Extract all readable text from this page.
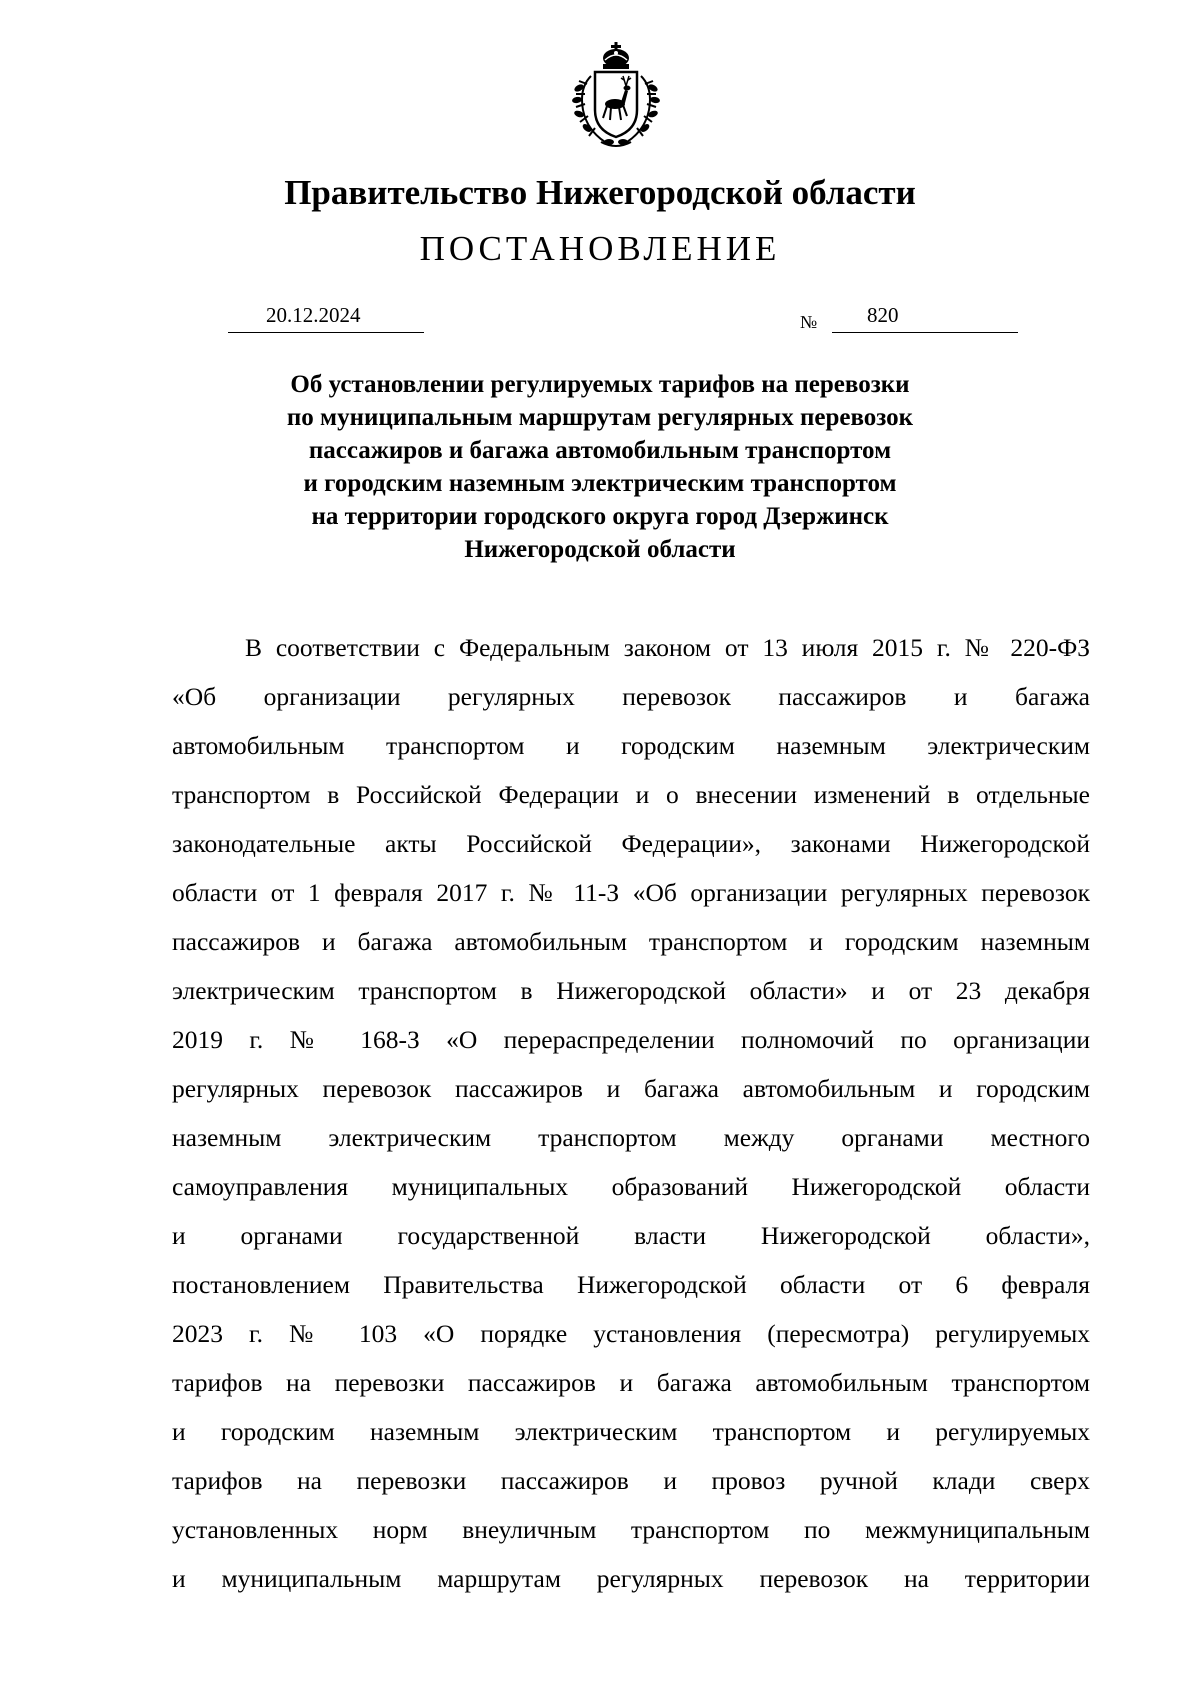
Правительство Нижегородской области
ПОСТАНОВЛЕНИЕ
20.12.2024	№ 820
Об установлении регулируемых тарифов на перевозки
по муниципальным маршрутам регулярных перевозок
пассажиров и багажа автомобильным транспортом
и городским наземным электрическим транспортом
на территории городского округа город Дзержинск
Нижегородской области
В соответствии с Федеральным законом от 13 июля 2015 г. № 220-ФЗ
«Об организации регулярных перевозок пассажиров и багажа
автомобильным транспортом и городским наземным электрическим
транспортом в Российской Федерации и о внесении изменений в отдельные
законодательные акты Российской Федерации», законами Нижегородской
области от 1 февраля 2017 г. № 11-З «Об организации регулярных перевозок
пассажиров и багажа автомобильным транспортом и городским наземным
электрическим транспортом в Нижегородской области» и от 23 декабря
2019 г. № 168-З «О перераспределении полномочий по организации
регулярных перевозок пассажиров и багажа автомобильным и городским
наземным электрическим транспортом между органами местного
самоуправления муниципальных образований Нижегородской области
и органами государственной власти Нижегородской области»,
постановлением Правительства Нижегородской области от 6 февраля
2023 г. № 103 «О порядке установления (пересмотра) регулируемых
тарифов на перевозки пассажиров и багажа автомобильным транспортом
и городским наземным электрическим транспортом и регулируемых
тарифов на перевозки пассажиров и провоз ручной клади сверх
установленных норм внеуличным транспортом по межмуниципальным
и муниципальным маршрутам регулярных перевозок на территории
